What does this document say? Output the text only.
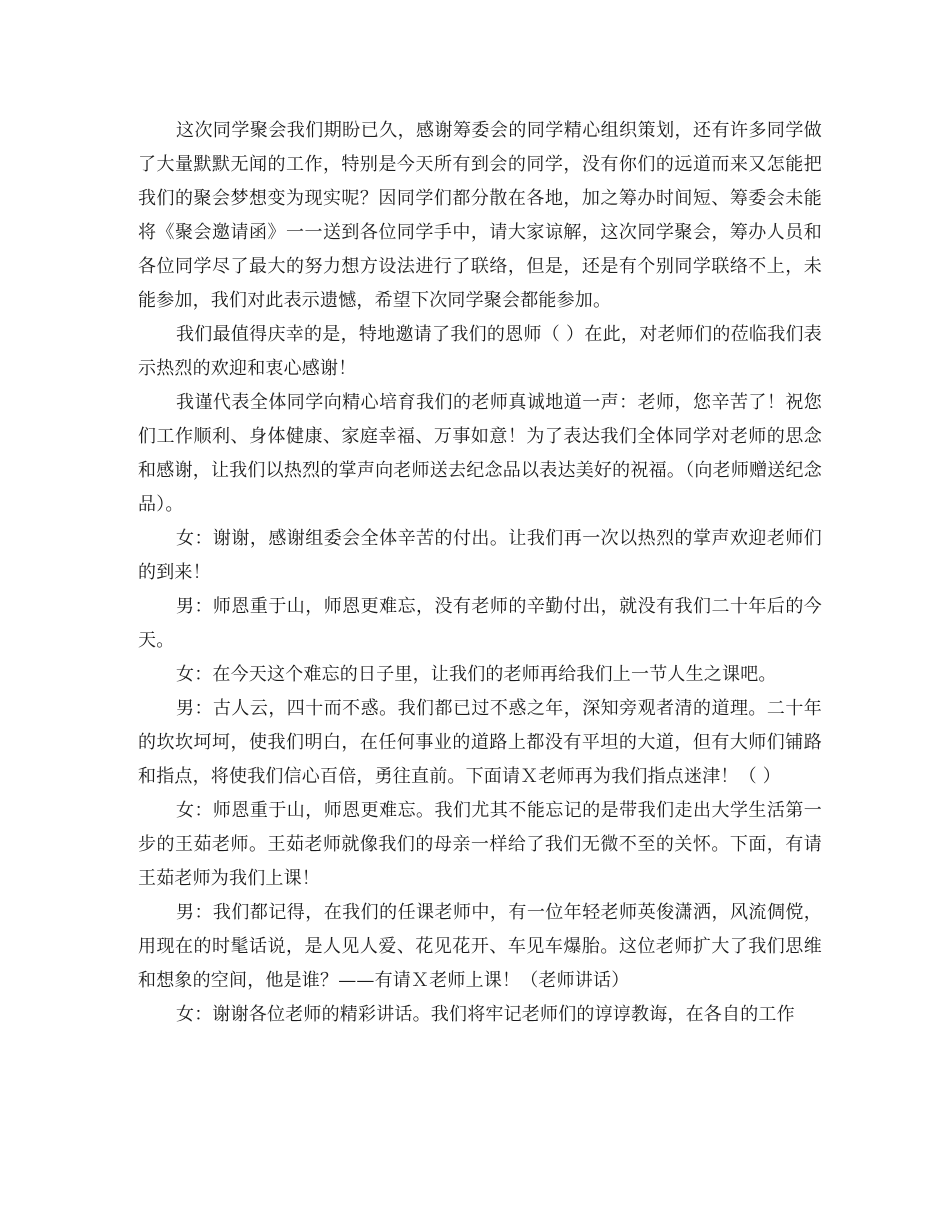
这次同学聚会我们期盼已久，感谢筹委会的同学精心组织策划，还有许多同学做了大量默默无闻的工作，特别是今天所有到会的同学，没有你们的远道而来又怎能把我们的聚会梦想变为现实呢？因同学们都分散在各地，加之筹办时间短、筹委会未能将《聚会邀请函》一一送到各位同学手中，请大家谅解，这次同学聚会，筹办人员和各位同学尽了最大的努力想方设法进行了联络，但是，还是有个别同学联络不上，未能参加，我们对此表示遗憾，希望下次同学聚会都能参加。

我们最值得庆幸的是，特地邀请了我们的恩师（ ）在此，对老师们的莅临我们表示热烈的欢迎和衷心感谢！

我谨代表全体同学向精心培育我们的老师真诚地道一声：老师，您辛苦了！祝您们工作顺利、身体健康、家庭幸福、万事如意！为了表达我们全体同学对老师的思念和感谢，让我们以热烈的掌声向老师送去纪念品以表达美好的祝福。（向老师赠送纪念品）。

女：谢谢，感谢组委会全体辛苦的付出。让我们再一次以热烈的掌声欢迎老师们的到来！

男：师恩重于山，师恩更难忘，没有老师的辛勤付出，就没有我们二十年后的今天。

女：在今天这个难忘的日子里，让我们的老师再给我们上一节人生之课吧。

男：古人云，四十而不惑。我们都已过不惑之年，深知旁观者清的道理。二十年的坎坎坷坷，使我们明白，在任何事业的道路上都没有平坦的大道，但有大师们铺路和指点，将使我们信心百倍，勇往直前。下面请Ｘ老师再为我们指点迷津！（ ）

女：师恩重于山，师恩更难忘。我们尤其不能忘记的是带我们走出大学生活第一步的王茹老师。王茹老师就像我们的母亲一样给了我们无微不至的关怀。下面，有请王茹老师为我们上课！

男：我们都记得，在我们的任课老师中，有一位年轻老师英俊潇洒，风流倜傥，用现在的时髦话说，是人见人爱、花见花开、车见车爆胎。这位老师扩大了我们思维和想象的空间，他是谁？——有请Ｘ老师上课！（老师讲话）

女：谢谢各位老师的精彩讲话。我们将牢记老师们的谆谆教诲，在各自的工作
